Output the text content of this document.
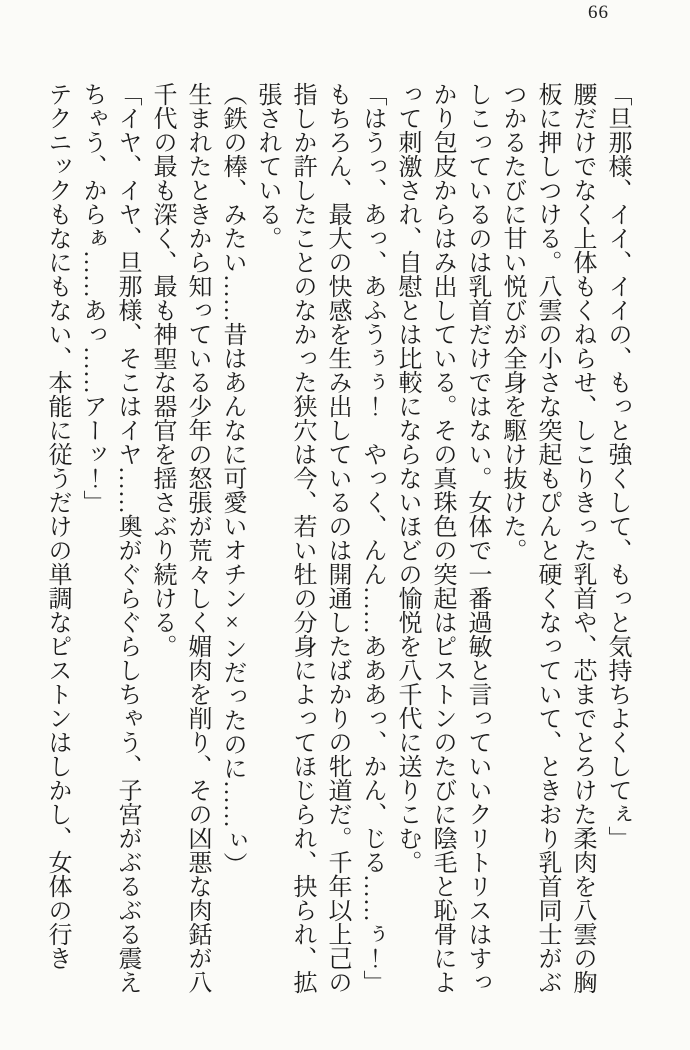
66

「旦那様、イイ、イイの、もっと強くして、もっと気持ちよくしてぇ」

腰だけでなく上体もくねらせ、しこりきった乳首や、芯までとろけた柔肉を八雲の胸板に押しつける。八雲の小さな突起もぴんと硬くなっていて、ときおり乳首同士がぶつかるたびに甘い悦びが全身を駆け抜けた。

しこっているのは乳首だけではない。女体で一番過敏と言っていいクリトリスはすっかり包皮からはみ出している。その真珠色の突起はピストンのたびに陰毛と恥骨によって刺激され、自慰とは比較にならないほどの愉悦を八千代に送りこむ。

「はうっ、あっ、あふうぅぅ！　やっく、んん……あああっ、かん、じる……ぅ！」

もちろん、最大の快感を生み出しているのは開通したばかりの牝道だ。千年以上己の指しか許したことのなかった狭穴は今、若い牡の分身によってほじられ、抉られ、拡張されている。

（鉄の棒、みたい……昔はあんなに可愛いオチン×ンだったのに……ぃ）

生まれたときから知っている少年の怒張が荒々しく媚肉を削り、その凶悪な肉銛が八千代の最も深く、最も神聖な器官を揺さぶり続ける。

「イヤ、イヤ、旦那様、そこはイヤ……奥がぐらぐらしちゃう、子宮がぶるぶる震えちゃう、からぁ……あっ……アーッ！」

テクニックもなにもない、本能に従うだけの単調なピストンはしかし、女体の行き
